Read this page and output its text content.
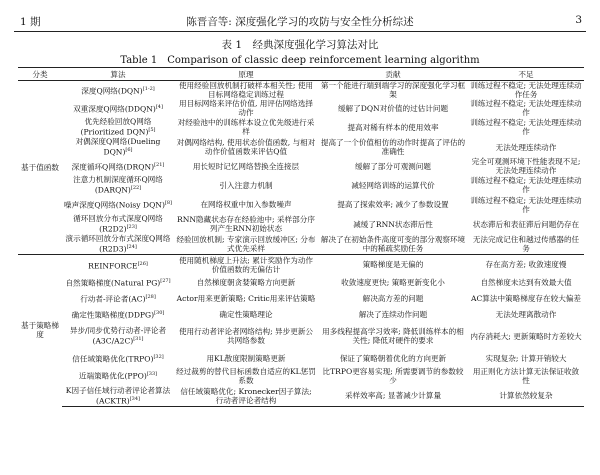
1 期	陈晋音等: 深度强化学习的攻防与安全性分析综述	3
表 1　经典深度强化学习算法对比
Table 1　Comparison of classic deep reinforcement learning algorithm
分类	算法	原理	贡献	不足
基于值函数	深度Q网络(DQN)[1-2]	使用经验回放机制打破样本相关性; 使用目标网络稳定训练过程	第一个能进行端到端学习的深度强化学习框架	训练过程不稳定; 无法处理连续动作任务
	双重深度Q网络(DDQN)[4]	用目标网络来评估价值, 用评估网络选择动作	缓解了DQN对价值的过估计问题	训练过程不稳定; 无法处理连续动作
	优先经验回放Q网络(Prioritized DQN)[5]	对经验池中的训练样本设立优先级进行采样	提高对稀有样本的使用效率	训练过程不稳定; 无法处理连续动作
	对偶深度Q网络(Dueling DQN)[6]	对偶网络结构, 使用状态价值函数, 与相对动作价值函数来评估Q值	提高了一个价值相仿的动作时提高了评估的准确性	无法处理连续动作
	深度循环Q网络(DRQN)[21]	用长短时记忆网络替换全连接层	缓解了部分可观测问题	完全可观测环境下性能表现不足; 无法处理连续动作
	注意力机制深度循环Q网络(DARQN)[22]	引入注意力机制	减轻网络训练的运算代价	训练过程不稳定; 无法处理连续动作
	噪声深度Q网络(Noisy DQN)[8]	在网络权重中加入参数噪声	提高了探索效率; 减少了参数设置	训练过程不稳定; 无法处理连续动作
	循环回放分布式深度Q网络(R2D2)[23]	RNN隐藏状态存在经验池中; 采样部分序列产生RNN初始状态	减缓了RNN状态滞后性	状态滞后和表征滞后问题仍存在
	演示循环回放分布式深度Q网络(R2D3)[24]	经验回放机制; 专家演示回放缓冲区; 分布式优先采样	解决了在初始条件高度可变的部分观察环境中的稀疏奖励任务	无法完成记住和越过传感器的任务
基于策略梯度	REINFORCE[26]	使用随机梯度上升法; 累计奖励作为动作价值函数的无偏估计	策略梯度是无偏的	存在高方差; 收敛速度慢
	自然策略梯度(Natural PG)[27]	自然梯度朝贪婪策略方向更新	收敛速度更快; 策略更新变化小	自然梯度未达到有效最大值
	行动者-评论者(AC)[28]	Actor用来更新策略; Critic用来评估策略	解决高方差的问题	AC算法中策略梯度存在较大偏差
	确定性策略梯度(DDPG)[30]	确定性策略理论	解决了连续动作问题	无法处理离散动作
	异步/同步优势行动者-评论者(A3C/A2C)[31]	使用行动者评论者网络结构; 异步更新公共网络参数	用多线程提高学习效率; 降低训练样本的相关性; 降低对硬件的要求	内存消耗大; 更新策略时方差较大
	信任域策略优化(TRPO)[32]	用KL散度限制策略更新	保证了策略朝着优化的方向更新	实现复杂; 计算开销较大
	近端策略优化(PPO)[33]	经过裁剪的替代目标函数自适应的KL惩罚系数	比TRPO更容易实现; 所需要调节的参数较少	用正则化方法计算无法保证收敛性
	K因子信任域行动者评论者算法(ACKTR)[34]	信任域策略优化; Kronecker因子算法; 行动者评论者结构	采样效率高; 显著减少计算量	计算依然较复杂
